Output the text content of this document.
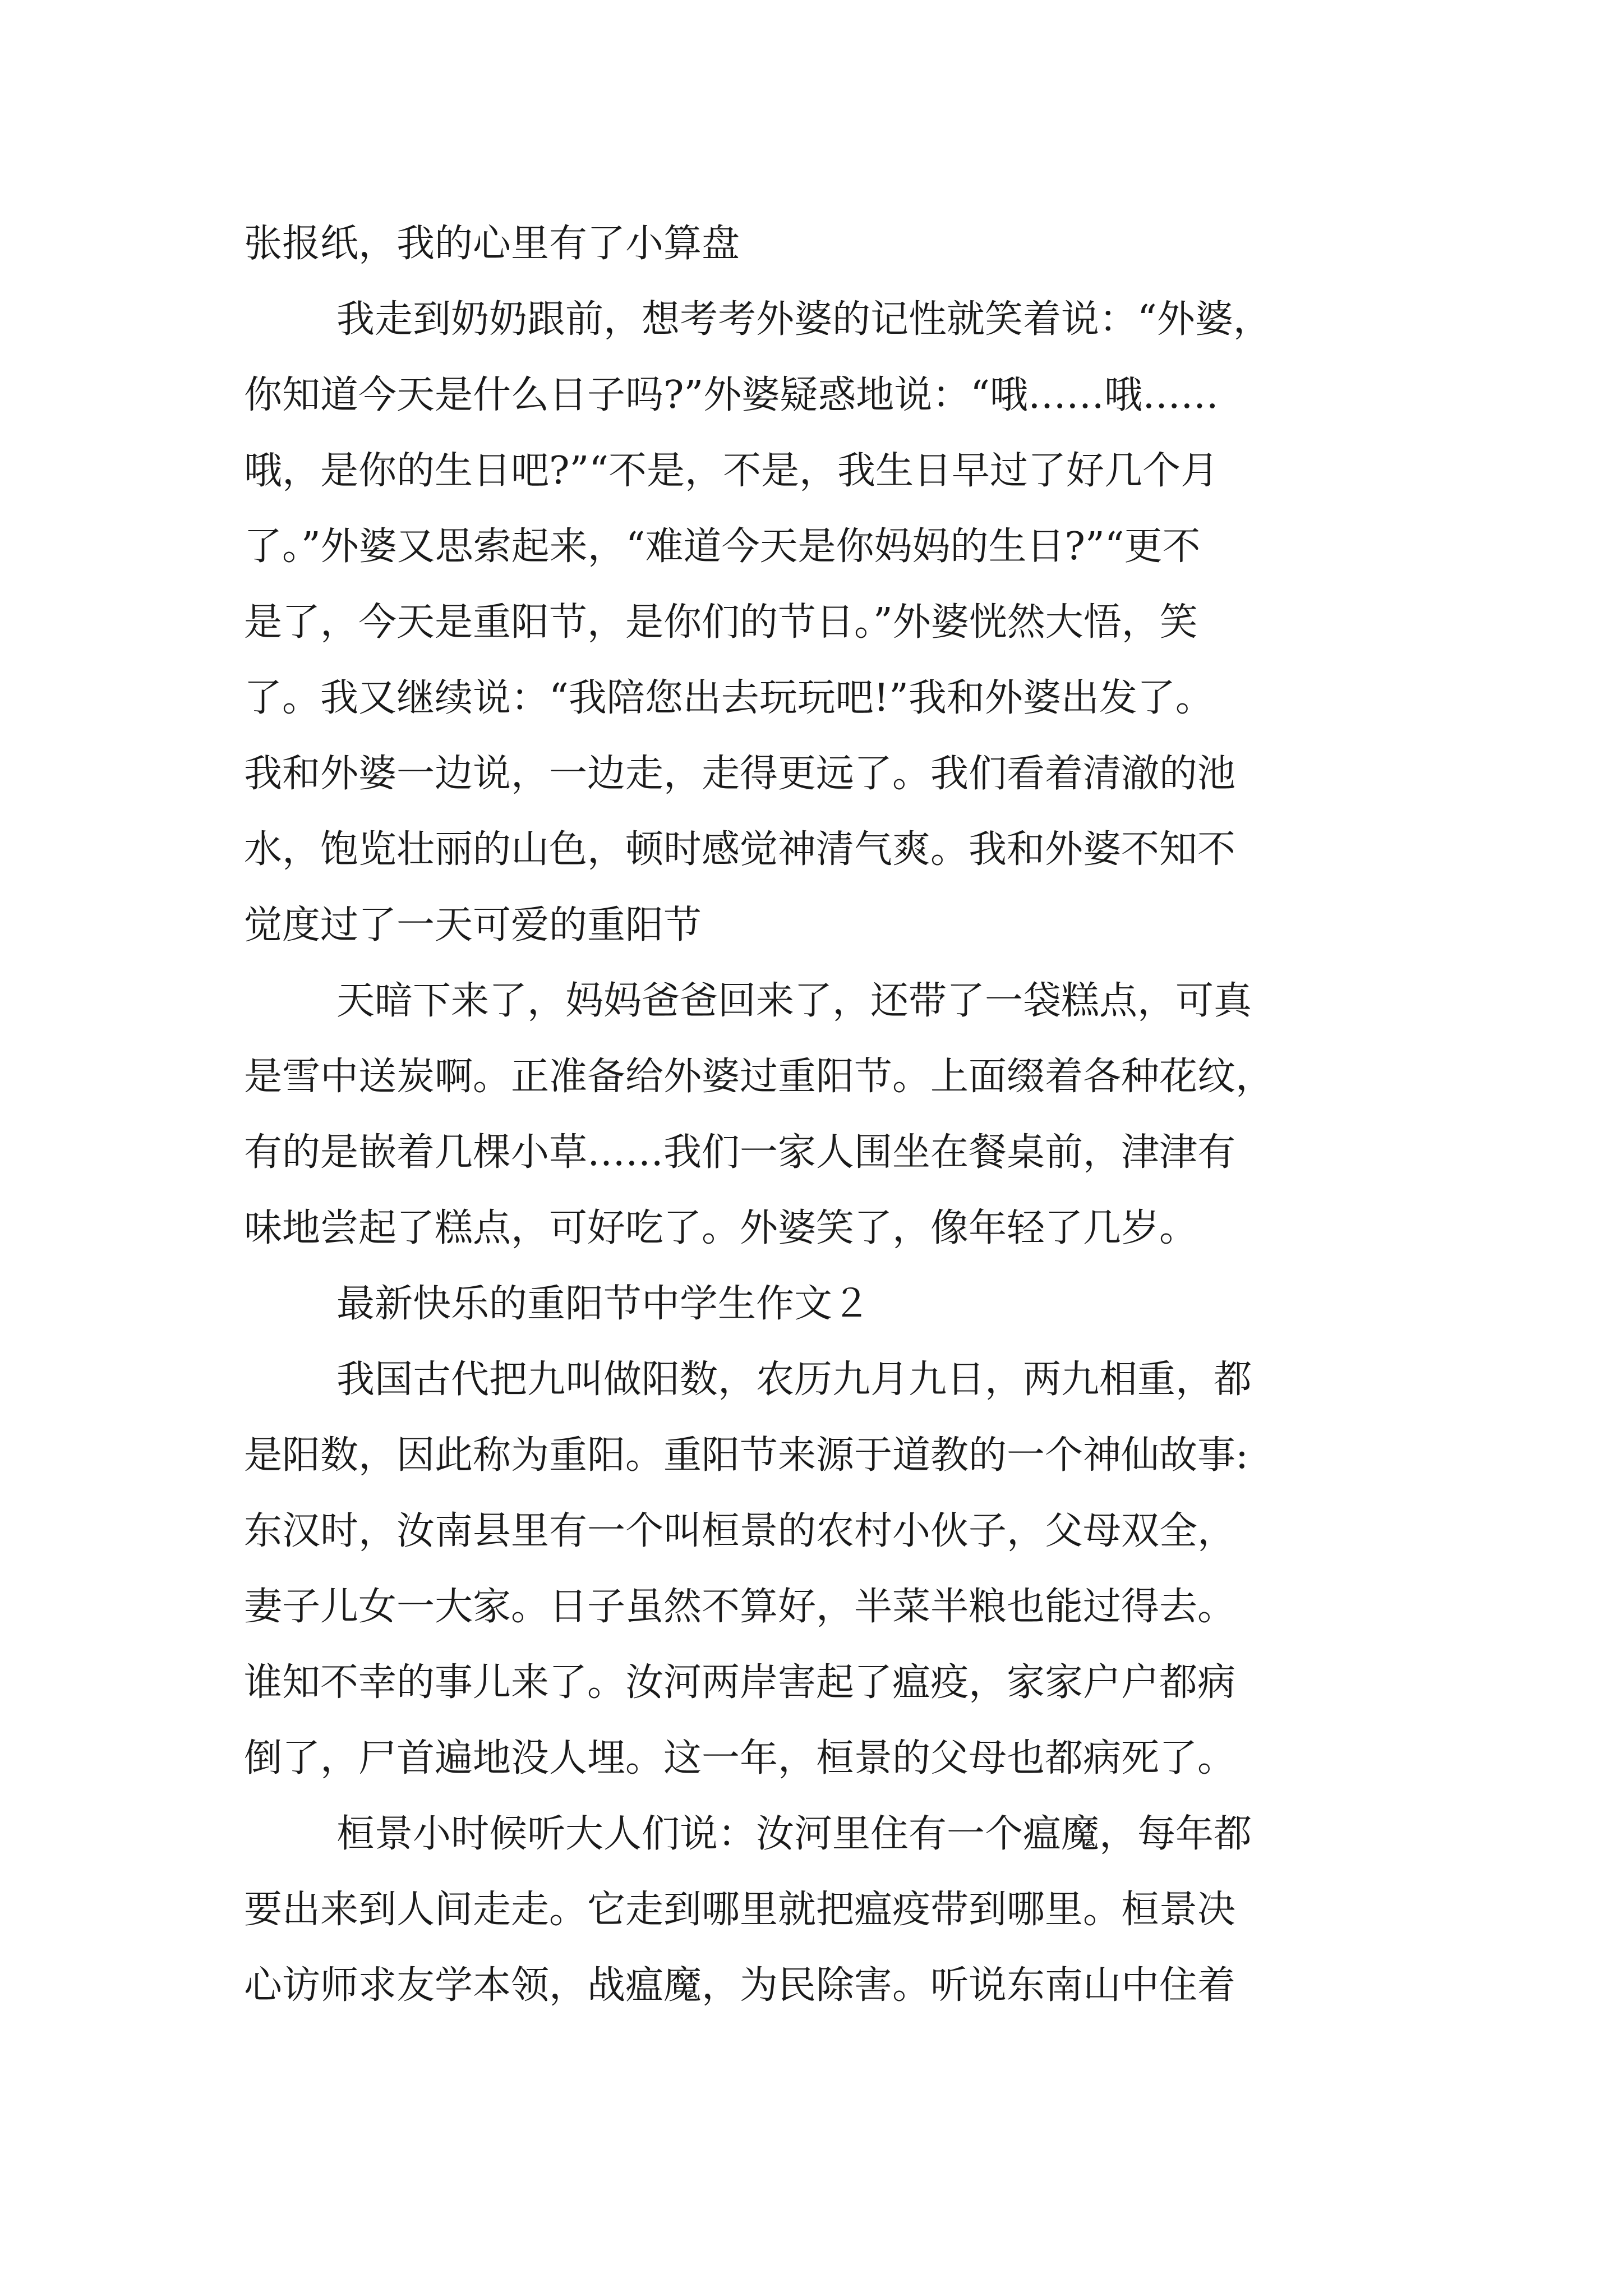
张报纸，我的心里有了小算盘
我走到奶奶跟前，想考考外婆的记性就笑着说：“外婆，
你知道今天是什么日子吗?”外婆疑惑地说：“哦……哦……
哦，是你的生日吧?”“不是，不是，我生日早过了好几个月
了。”外婆又思索起来，“难道今天是你妈妈的生日?”“更不
是了，今天是重阳节，是你们的节日。”外婆恍然大悟，笑
了。我又继续说：“我陪您出去玩玩吧!”我和外婆出发了。
我和外婆一边说，一边走，走得更远了。我们看着清澈的池
水，饱览壮丽的山色，顿时感觉神清气爽。我和外婆不知不
觉度过了一天可爱的重阳节
天暗下来了，妈妈爸爸回来了，还带了一袋糕点，可真
是雪中送炭啊。正准备给外婆过重阳节。上面缀着各种花纹，
有的是嵌着几棵小草……我们一家人围坐在餐桌前，津津有
味地尝起了糕点，可好吃了。外婆笑了，像年轻了几岁。
最新快乐的重阳节中学生作文２
我国古代把九叫做阳数，农历九月九日，两九相重，都
是阳数，因此称为重阳。重阳节来源于道教的一个神仙故事:
东汉时，汝南县里有一个叫桓景的农村小伙子，父母双全，
妻子儿女一大家。日子虽然不算好，半菜半粮也能过得去。
谁知不幸的事儿来了。汝河两岸害起了瘟疫，家家户户都病
倒了，尸首遍地没人埋。这一年，桓景的父母也都病死了。
桓景小时候听大人们说：汝河里住有一个瘟魔，每年都
要出来到人间走走。它走到哪里就把瘟疫带到哪里。桓景决
心访师求友学本领，战瘟魔，为民除害。听说东南山中住着
